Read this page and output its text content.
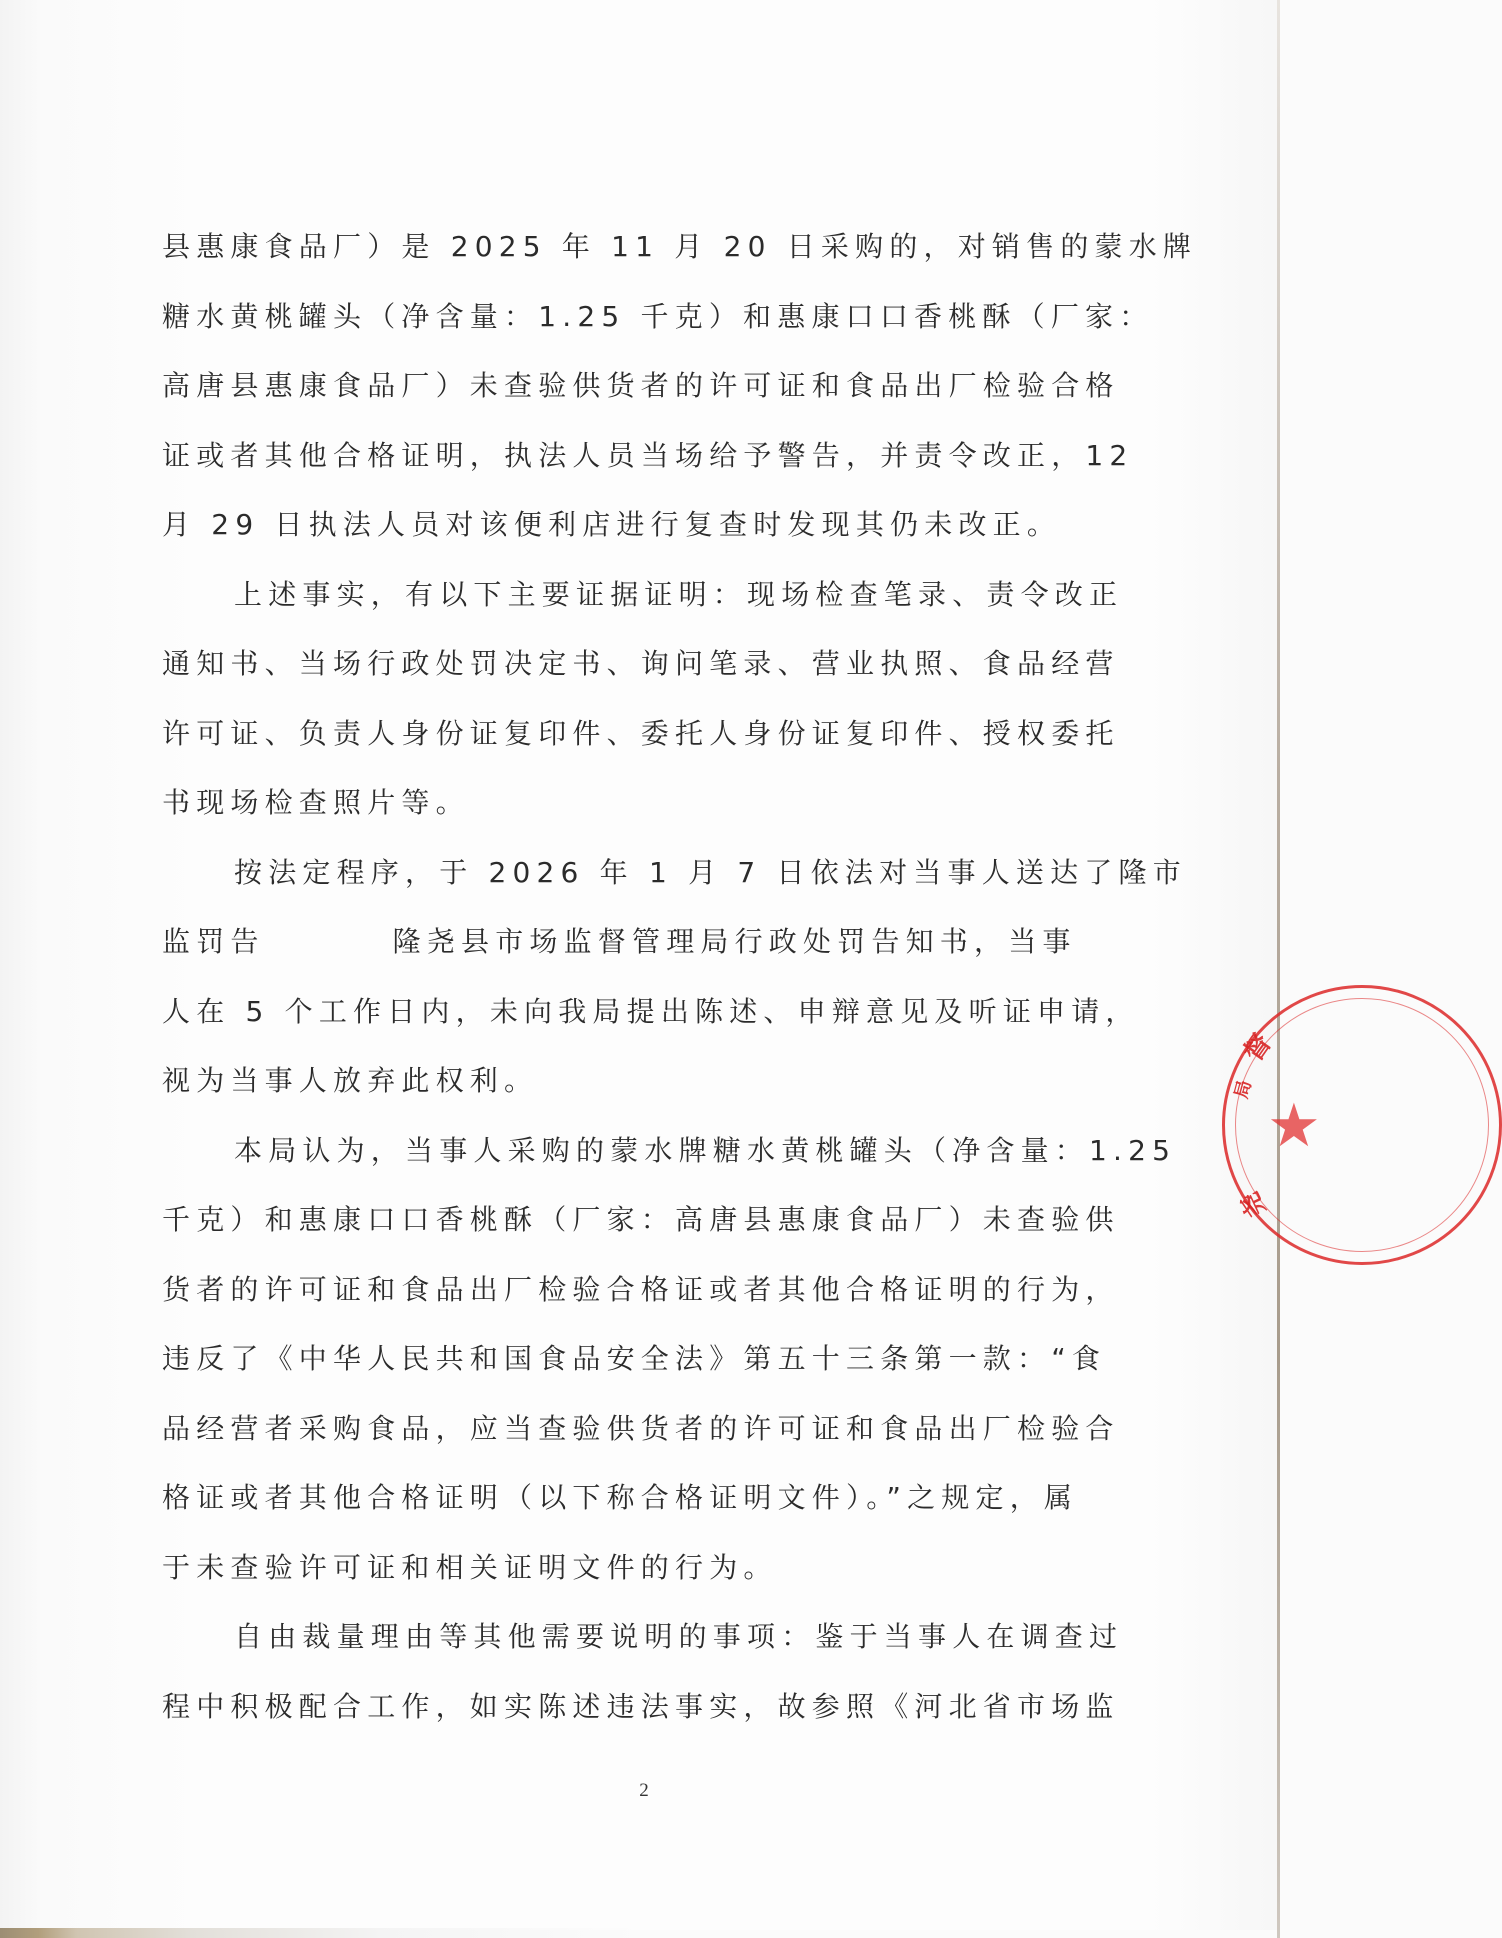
县惠康食品厂）是 2025 年 11 月 20 日采购的，对销售的蒙水牌
糖水黄桃罐头（净含量：1.25 千克）和惠康口口香桃酥（厂家：
高唐县惠康食品厂）未查验供货者的许可证和食品出厂检验合格
证或者其他合格证明，执法人员当场给予警告，并责令改正，12
月 29 日执法人员对该便利店进行复查时发现其仍未改正。
上述事实，有以下主要证据证明：现场检查笔录、责令改正
通知书、当场行政处罚决定书、询问笔录、营业执照、食品经营
许可证、负责人身份证复印件、委托人身份证复印件、授权委托
书现场检查照片等。
按法定程序，于 2026 年 1 月 7 日依法对当事人送达了隆市
监罚告	隆尧县市场监督管理局行政处罚告知书，当事
人在 5 个工作日内，未向我局提出陈述、申辩意见及听证申请，
视为当事人放弃此权利。
本局认为，当事人采购的蒙水牌糖水黄桃罐头（净含量：1.25
千克）和惠康口口香桃酥（厂家：高唐县惠康食品厂）未查验供
货者的许可证和食品出厂检验合格证或者其他合格证明的行为，
违反了《中华人民共和国食品安全法》第五十三条第一款：“食
品经营者采购食品，应当查验供货者的许可证和食品出厂检验合
格证或者其他合格证明（以下称合格证明文件）。”之规定，属
于未查验许可证和相关证明文件的行为。
自由裁量理由等其他需要说明的事项：鉴于当事人在调查过
程中积极配合工作，如实陈述违法事实，故参照《河北省市场监
2
督
局
尧
★
